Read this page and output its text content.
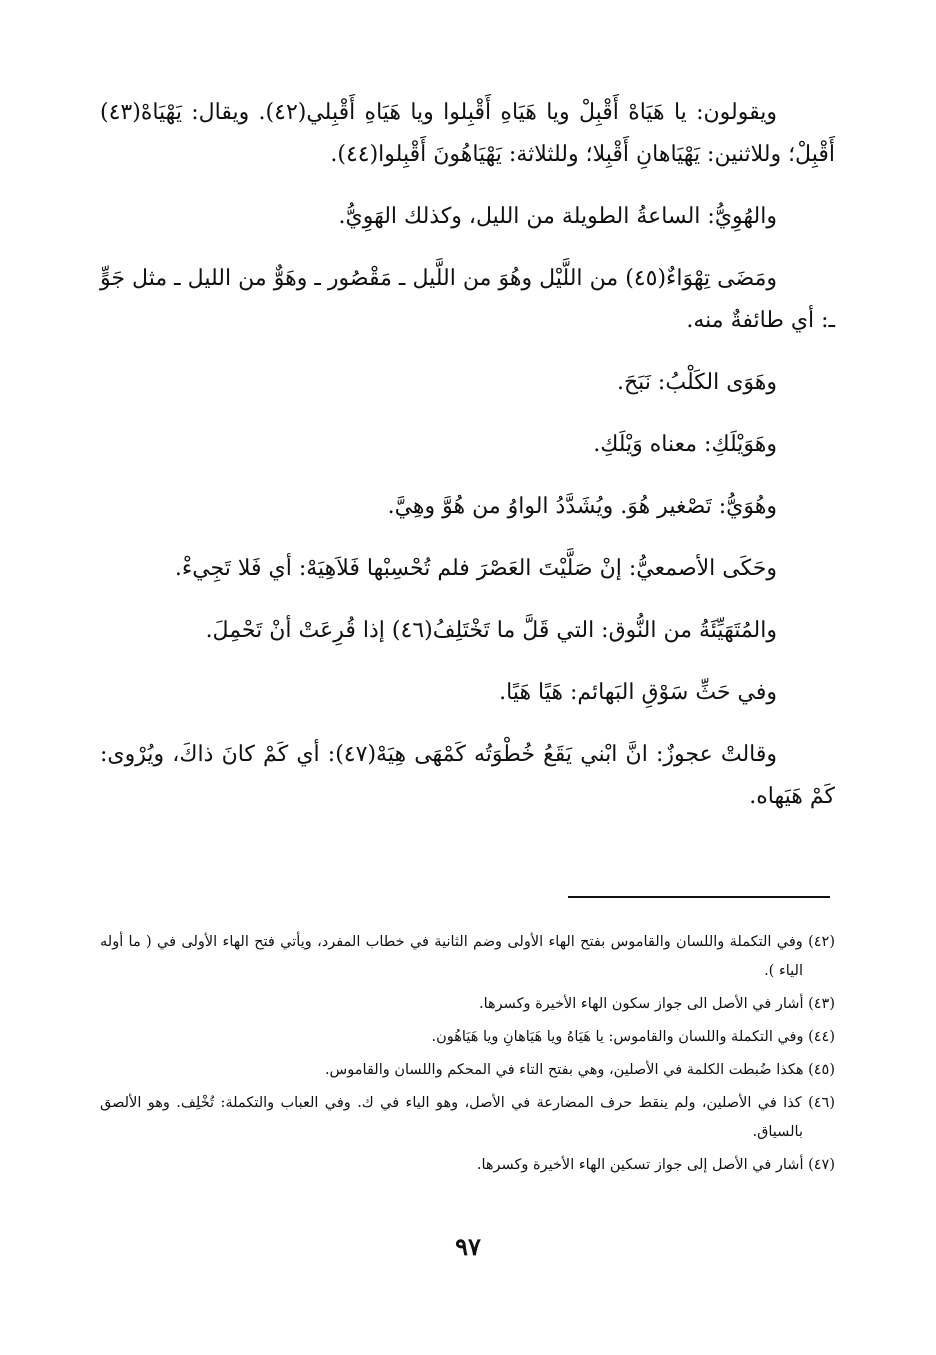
ويقولون: يا هَيَاهْ أَقْبِلْ ويا هَيَاهِ أَقْبِلوا ويا هَيَاهِ أَقْبِلي(٤٢). ويقال: يَهْيَاهْ(٤٣) أَقْبِلْ؛ وللاثنين: يَهْيَاهانِ أَقْبِلا؛ وللثلاثة: يَهْيَاهُونَ أَقْبِلوا(٤٤).

والهُوِيُّ: الساعةُ الطويلة من الليل، وكذلك الهَوِيُّ.

ومَضَى تِهْوَاءٌ(٤٥) من اللَّيْل وهُوَ من اللَّيل ـ مَقْصُور ـ وهَوٌّ من الليل ـ مثل جَوٍّ ـ: أي طائفةٌ منه.

وهَوَى الكَلْبُ: نَبَحَ.

وهَوَيْلَكِ: معناه وَيْلَكِ.

وهُوَيُّ: تَصْغير هُوَ. ويُشَدَّدُ الواوُ من هُوَّ وهِيَّ.

وحَكَى الأصمعيُّ: إنْ صَلَّيْتَ العَصْرَ فلم تُحْسِبْها فَلاَهِيَهْ: أي فَلا تَجِيءْ.

والمُتَهَيِّئَةُ من النُّوق: التي قَلَّ ما تَخْتَلِفُ(٤٦) إذا قُرِعَتْ أنْ تَحْمِلَ.

وفي حَثِّ سَوْقِ البَهائم: هَيًا هَيًا.

وقالتْ عجوزٌ: انَّ ابْني يَقَعُ خُطْوَتُه كَمْهَى هِيَهْ(٤٧): أي كَمْ كانَ ذاكَ، ويُرْوى: كَمْ هَيَهاه.

(٤٢) وفي التكملة واللسان والقاموس بفتح الهاء الأولى وضم الثانية في خطاب المفرد، ويأتي فتح الهاء الأولى في ( ما أوله الياء ).

(٤٣) أشار في الأصل الى جواز سكون الهاء الأخيرة وكسرها.

(٤٤) وفي التكملة واللسان والقاموس: يا هَيَاهُ ويا هَيَاهانِ ويا هَيَاهُون.

(٤٥) هكذا ضُبطت الكلمة في الأصلين، وهي بفتح التاء في المحكم واللسان والقاموس.

(٤٦) كذا في الأصلين، ولم ينقط حرف المضارعة في الأصل، وهو الياء في ك. وفي العباب والتكملة: تُخْلِف. وهو الألصق بالسياق.

(٤٧) أشار في الأصل إلى جواز تسكين الهاء الأخيرة وكسرها.

٩٧
